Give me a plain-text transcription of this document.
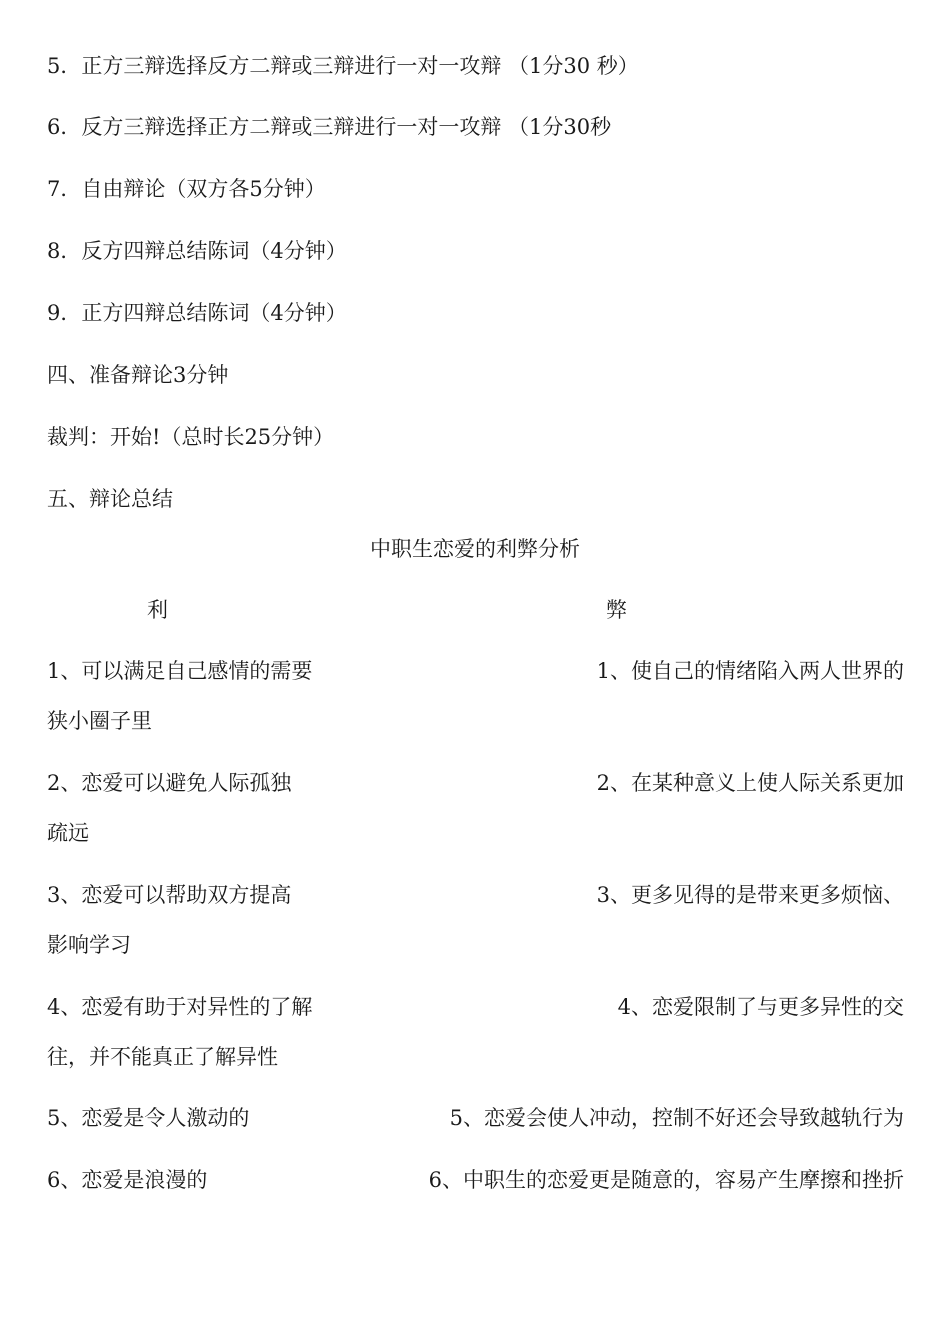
5．正方三辩选择反方二辩或三辩进行一对一攻辩 （1分30 秒）

6．反方三辩选择正方二辩或三辩进行一对一攻辩 （1分30秒

7．自由辩论（双方各5分钟）

8．反方四辩总结陈词（4分钟）

9．正方四辩总结陈词（4分钟）

四、准备辩论3分钟

裁判：开始!（总时长25分钟）

五、辩论总结

中职生恋爱的利弊分析

利	弊

1、可以满足自己感情的需要	1、使自己的情绪陷入两人世界的

狭小圈子里

2、恋爱可以避免人际孤独	2、在某种意义上使人际关系更加

疏远

3、恋爱可以帮助双方提高	3、更多见得的是带来更多烦恼、

影响学习

4、恋爱有助于对异性的了解	4、恋爱限制了与更多异性的交

往，并不能真正了解异性

5、恋爱是令人激动的	5、恋爱会使人冲动，控制不好还会导致越轨行为

6、恋爱是浪漫的	6、中职生的恋爱更是随意的，容易产生摩擦和挫折
